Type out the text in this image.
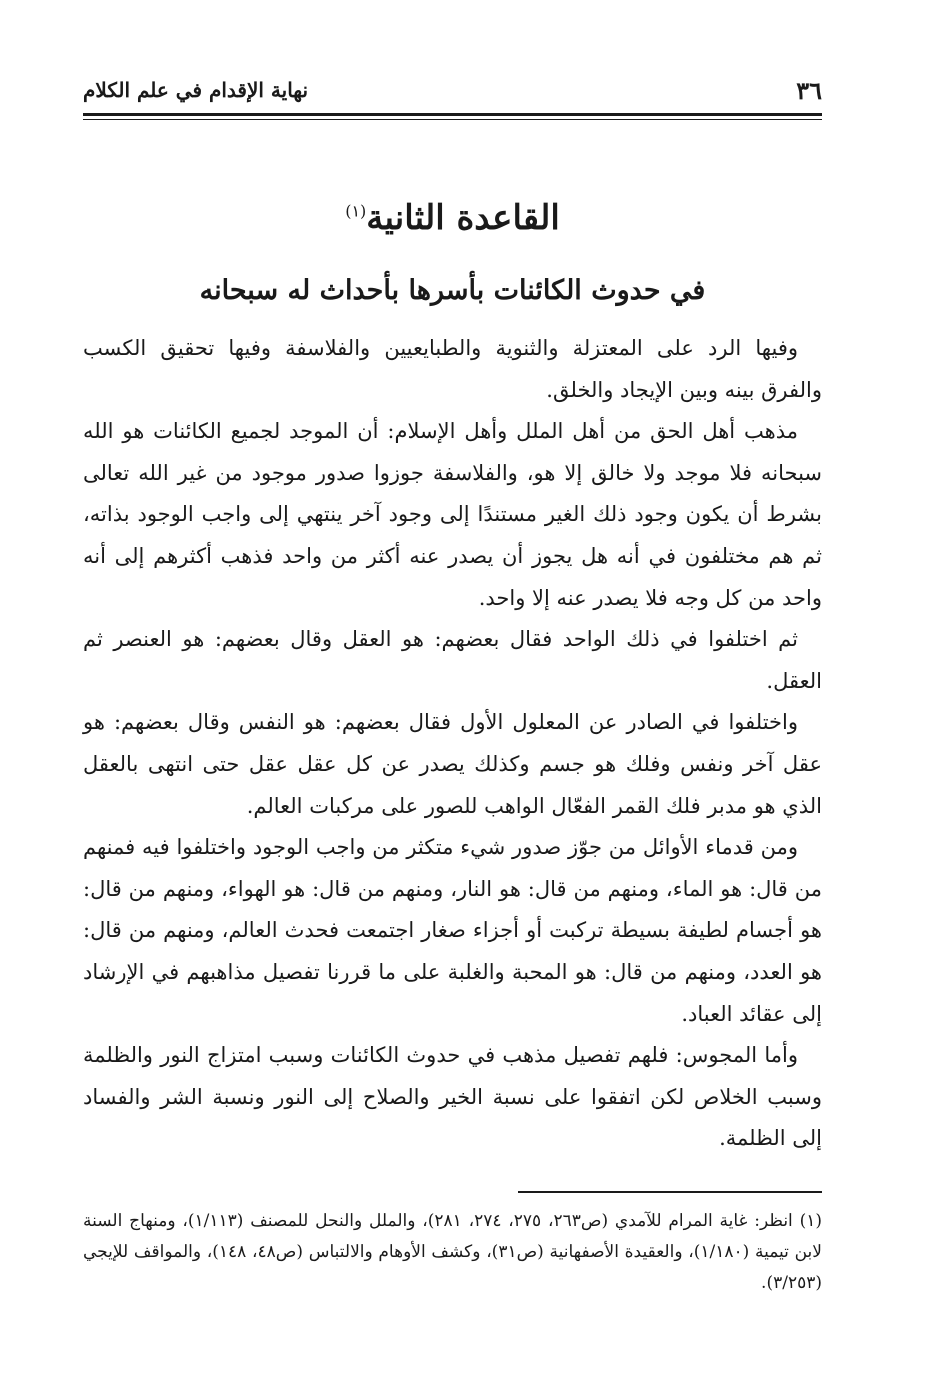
٣٦
نهاية الإقدام في علم الكلام
القاعدة الثانية$^{(١)}$
في حدوث الكائنات بأسرها بأحداث له سبحانه

وفيها الرد على المعتزلة والثنوية والطبايعيين والفلاسفة وفيها تحقيق الكسب والفرق بينه وبين الإيجاد والخلق.

مذهب أهل الحق من أهل الملل وأهل الإسلام: أن الموجد لجميع الكائنات هو الله سبحانه فلا موجد ولا خالق إلا هو، والفلاسفة جوزوا صدور موجود من غير الله تعالى بشرط أن يكون وجود ذلك الغير مستندًا إلى وجود آخر ينتهي إلى واجب الوجود بذاته، ثم هم مختلفون في أنه هل يجوز أن يصدر عنه أكثر من واحد فذهب أكثرهم إلى أنه واحد من كل وجه فلا يصدر عنه إلا واحد.

ثم اختلفوا في ذلك الواحد فقال بعضهم: هو العقل وقال بعضهم: هو العنصر ثم العقل.

واختلفوا في الصادر عن المعلول الأول فقال بعضهم: هو النفس وقال بعضهم: هو عقل آخر ونفس وفلك هو جسم وكذلك يصدر عن كل عقل عقل حتى انتهى بالعقل الذي هو مدبر فلك القمر الفعّال الواهب للصور على مركبات العالم.

ومن قدماء الأوائل من جوّز صدور شيء متكثر من واجب الوجود واختلفوا فيه فمنهم من قال: هو الماء، ومنهم من قال: هو النار، ومنهم من قال: هو الهواء، ومنهم من قال: هو أجسام لطيفة بسيطة تركبت أو أجزاء صغار اجتمعت فحدث العالم، ومنهم من قال: هو العدد، ومنهم من قال: هو المحبة والغلبة على ما قررنا تفصيل مذاهبهم في الإرشاد إلى عقائد العباد.

وأما المجوس: فلهم تفصيل مذهب في حدوث الكائنات وسبب امتزاج النور والظلمة وسبب الخلاص لكن اتفقوا على نسبة الخير والصلاح إلى النور ونسبة الشر والفساد إلى الظلمة.

(١) انظر: غاية المرام للآمدي (ص٢٦٣، ٢٧٥، ٢٧٤، ٢٨١)، والملل والنحل للمصنف (١/١١٣)، ومنهاج السنة لابن تيمية (١/١٨٠)، والعقيدة الأصفهانية (ص٣١)، وكشف الأوهام والالتباس (ص٤٨، ١٤٨)، والمواقف للإيجي (٣/٢٥٣).
